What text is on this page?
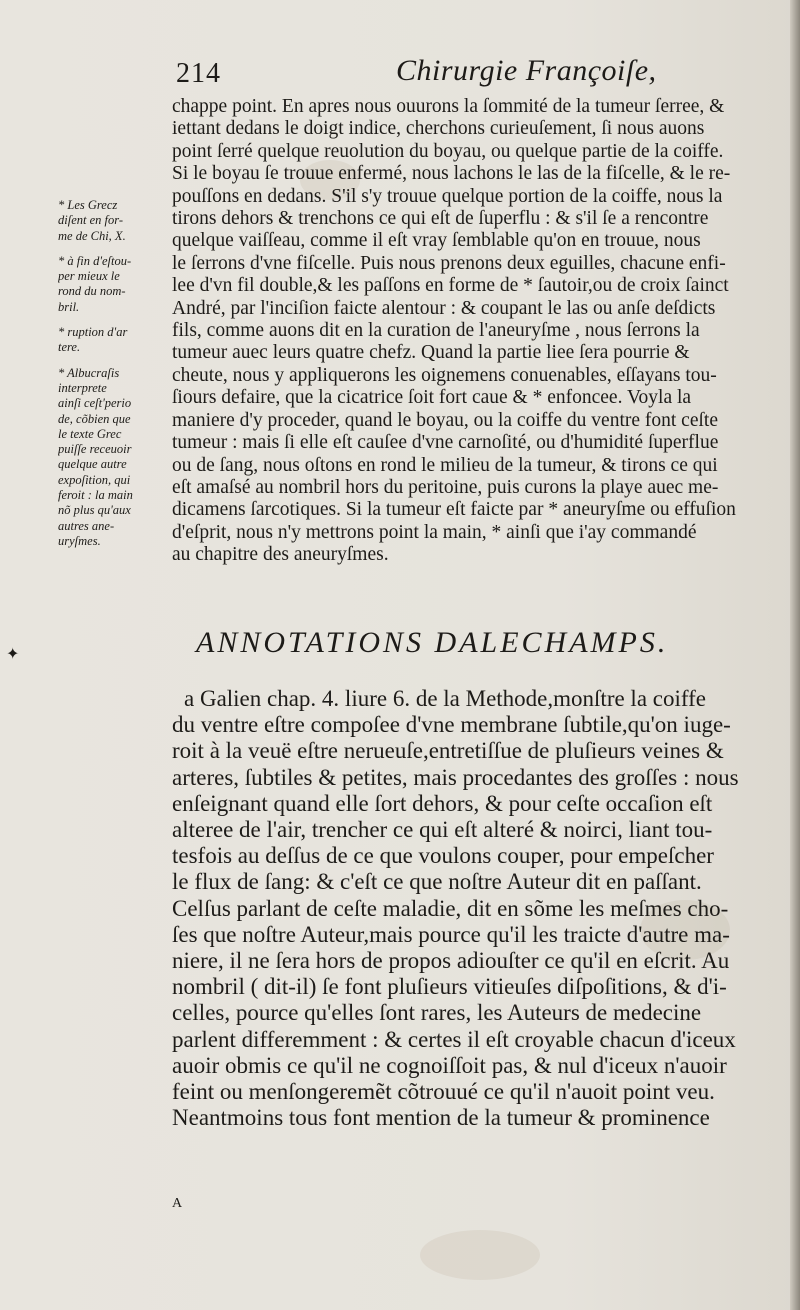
214	Chirurgie Françoiſe,
chappe point. En apres nous ouurons la ſommité de la tumeur ſerree, &
iettant dedans le doigt indice, cherchons curieuſement, ſi nous auons
point ſerré quelque reuolution du boyau, ou quelque partie de la coiffe.
Si le boyau ſe trouue enfermé, nous lachons le las de la fiſcelle, & le re-
pouſſons en dedans. S'il s'y trouue quelque portion de la coiffe, nous la
tirons dehors & trenchons ce qui eſt de ſuperflu : & s'il ſe a rencontre
quelque vaiſſeau, comme il eſt vray ſemblable qu'on en trouue, nous
le ſerrons d'vne fiſcelle. Puis nous prenons deux eguilles, chacune enfi-
lee d'vn fil double,& les paſſons en forme de * ſautoir,ou de croix ſainct
André, par l'inciſion faicte alentour : & coupant le las ou anſe deſdicts
fils, comme auons dit en la curation de l'aneuryſme , nous ſerrons la
tumeur auec leurs quatre chefz. Quand la partie liee ſera pourrie &
cheute, nous y appliquerons les oignemens conuenables, eſſayans tou-
ſiours defaire, que la cicatrice ſoit fort caue & * enfoncee. Voyla la
maniere d'y proceder, quand le boyau, ou la coiffe du ventre font ceſte
tumeur : mais ſi elle eſt cauſee d'vne carnoſité, ou d'humidité ſuperflue
ou de ſang, nous oſtons en rond le milieu de la tumeur, & tirons ce qui
eſt amaſsé au nombril hors du peritoine, puis curons la playe auec me-
dicamens ſarcotiques. Si la tumeur eſt faicte par * aneuryſme ou effuſion
d'eſprit, nous n'y mettrons point la main, * ainſi que i'ay commandé
au chapitre des aneuryſmes.
* Les Grecz
diſent en for-
me de Chi, X.
* à fin d'eſtou-
per mieux le
rond du nom-
bril.
* ruption d'ar
tere.
* Albucraſis
interprete
ainſi ceſt'perio
de, cõbien que
le texte Grec
puiſſe receuoir
quelque autre
expoſition, qui
feroit : la main
nõ plus qu'aux
autres ane-
uryſmes.
✦	ANNOTATIONS DALECHAMPS.
a Galien chap. 4. liure 6. de la Methode,monſtre la coiffe
du ventre eſtre compoſee d'vne membrane ſubtile,qu'on iuge-
roit à la veuë eſtre nerueuſe,entretiſſue de pluſieurs veines &
arteres, ſubtiles & petites, mais procedantes des groſſes : nous
enſeignant quand elle ſort dehors, & pour ceſte occaſion eſt
alteree de l'air, trencher ce qui eſt alteré & noirci, liant tou-
tesfois au deſſus de ce que voulons couper, pour empeſcher
le flux de ſang: & c'eſt ce que noſtre Auteur dit en paſſant.
Celſus parlant de ceſte maladie, dit en sõme les meſmes cho-
ſes que noſtre Auteur,mais pource qu'il les traicte d'autre ma-
niere, il ne ſera hors de propos adiouſter ce qu'il en eſcrit. Au
nombril ( dit-il) ſe font pluſieurs vitieuſes diſpoſitions, & d'i-
celles, pource qu'elles ſont rares, les Auteurs de medecine
parlent differemment : & certes il eſt croyable chacun d'iceux
auoir obmis ce qu'il ne cognoiſſoit pas, & nul d'iceux n'auoir
feint ou menſongeremẽt cõtrouué ce qu'il n'auoit point veu.
Neantmoins tous font mention de la tumeur & prominence
A
